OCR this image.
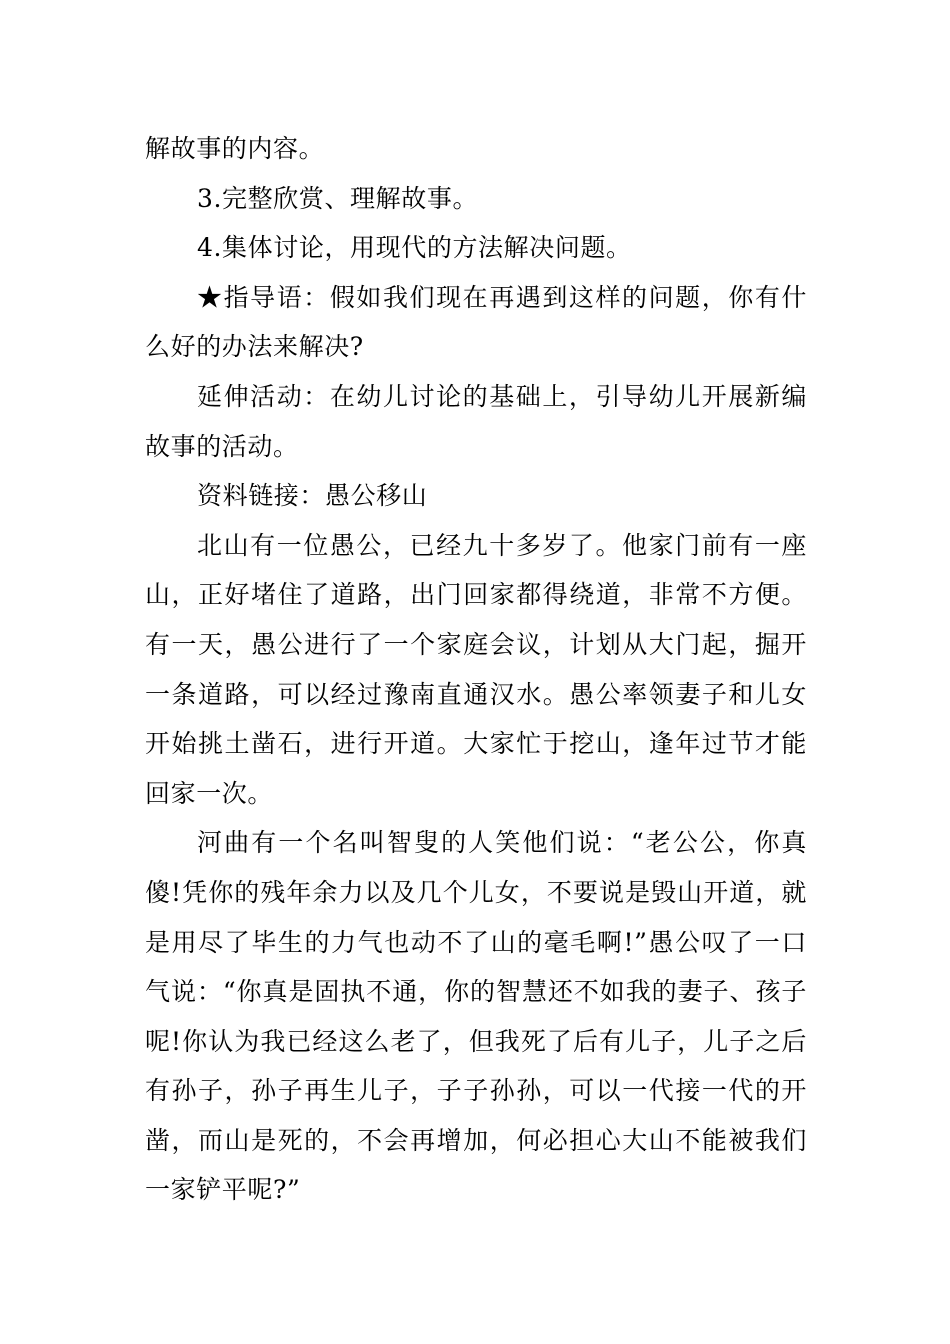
解故事的内容。

3.完整欣赏、理解故事。

4.集体讨论，用现代的方法解决问题。

★指导语：假如我们现在再遇到这样的问题，你有什么好的办法来解决?

延伸活动：在幼儿讨论的基础上，引导幼儿开展新编故事的活动。

资料链接：愚公移山

北山有一位愚公，已经九十多岁了。他家门前有一座山，正好堵住了道路，出门回家都得绕道，非常不方便。有一天，愚公进行了一个家庭会议，计划从大门起，掘开一条道路，可以经过豫南直通汉水。愚公率领妻子和儿女开始挑土凿石，进行开道。大家忙于挖山，逢年过节才能回家一次。

河曲有一个名叫智叟的人笑他们说：“老公公，你真傻!凭你的残年余力以及几个儿女，不要说是毁山开道，就是用尽了毕生的力气也动不了山的毫毛啊!”愚公叹了一口气说：“你真是固执不通，你的智慧还不如我的妻子、孩子呢!你认为我已经这么老了，但我死了后有儿子，儿子之后有孙子，孙子再生儿子，子子孙孙，可以一代接一代的开凿，而山是死的，不会再增加，何必担心大山不能被我们一家铲平呢?”
